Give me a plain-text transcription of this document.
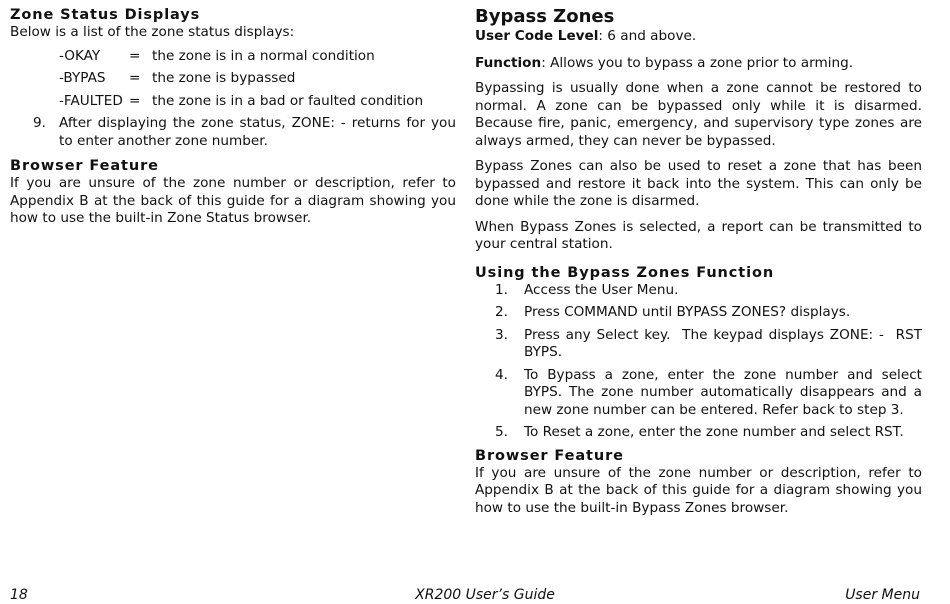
Zone Status Displays

Below is a list of the zone status displays:

-OKAY	= the zone is in a normal condition
-BYPAS	= the zone is bypassed
-FAULTED = the zone is in a bad or faulted condition
9. After displaying the zone status, ZONE: - returns for you to enter another zone number.
Browser Feature

If you are unsure of the zone number or description, refer to Appendix B at the back of this guide for a diagram showing you how to use the built-in Zone Status browser.

Bypass Zones

User Code Level: 6 and above.

Function: Allows you to bypass a zone prior to arming.

Bypassing is usually done when a zone cannot be restored to normal. A zone can be bypassed only while it is disarmed. Because fire, panic, emergency, and supervisory type zones are always armed, they can never be bypassed.

Bypass Zones can also be used to reset a zone that has been bypassed and restore it back into the system. This can only be done while the zone is disarmed.

When Bypass Zones is selected, a report can be transmitted to your central station.

Using the Bypass Zones Function
1.	Access the User Menu.
2.	Press COMMAND until BYPASS ZONES? displays.
3.	Press any Select key.  The keypad displays ZONE: -  RST  BYPS.
4.	To Bypass a zone, enter the zone number and select BYPS. The zone number automatically disappears and a new zone number can be entered. Refer back to step 3.
5.	To Reset a zone, enter the zone number and select RST.
Browser Feature

If you are unsure of the zone number or description, refer to Appendix B at the back of this guide for a diagram showing you how to use the built-in Bypass Zones browser.

18	XR200 User’s Guide	User Menu
